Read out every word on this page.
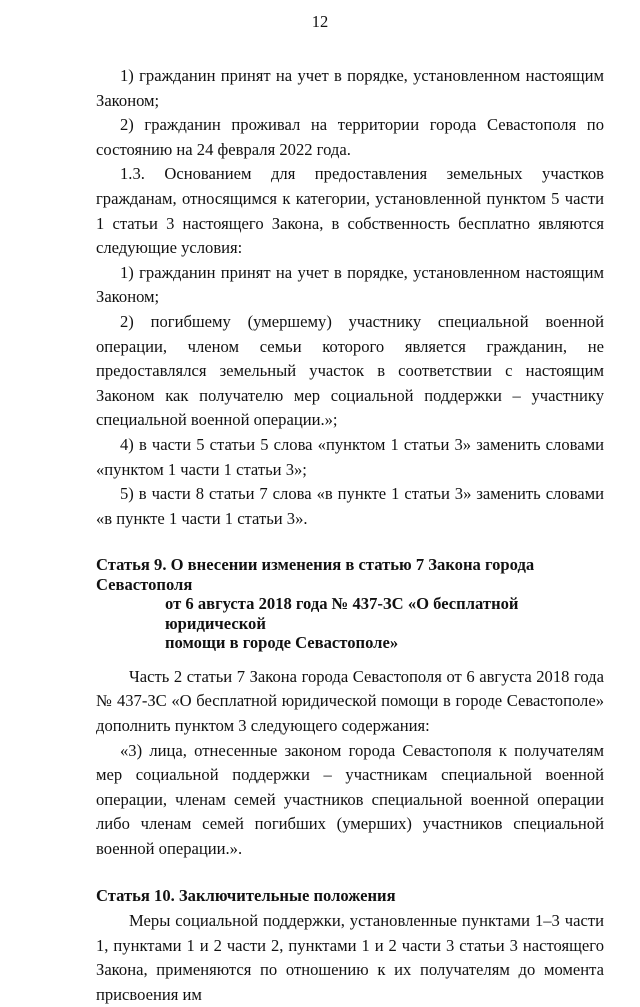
12

1) гражданин принят на учет в порядке, установленном настоящим Законом;

2) гражданин проживал на территории города Севастополя по состоянию на 24 февраля 2022 года.

1.3. Основанием для предоставления земельных участков гражданам, относящимся к категории, установленной пунктом 5 части 1 статьи 3 настоящего Закона, в собственность бесплатно являются следующие условия:

1) гражданин принят на учет в порядке, установленном настоящим Законом;

2) погибшему (умершему) участнику специальной военной операции, членом семьи которого является гражданин, не предоставлялся земельный участок в соответствии с настоящим Законом как получателю мер социальной поддержки – участнику специальной военной операции.»;

4) в части 5 статьи 5 слова «пунктом 1 статьи 3» заменить словами «пунктом 1 части 1 статьи 3»;

5) в части 8 статьи 7 слова «в пункте 1 статьи 3» заменить словами «в пункте 1 части 1 статьи 3».

Статья 9. О внесении изменения в статью 7 Закона города Севастополя
от 6 августа 2018 года № 437-ЗС «О бесплатной юридической
помощи в городе Севастополе»

Часть 2 статьи 7 Закона города Севастополя от 6 августа 2018 года № 437-ЗС «О бесплатной юридической помощи в городе Севастополе» дополнить пунктом 3 следующего содержания:

«3) лица, отнесенные законом города Севастополя к получателям мер социальной поддержки – участникам специальной военной операции, членам семей участников специальной военной операции либо членам семей погибших (умерших) участников специальной военной операции.».

Статья 10. Заключительные положения

Меры социальной поддержки, установленные пунктами 1–3 части 1, пунктами 1 и 2 части 2, пунктами 1 и 2 части 3 статьи 3 настоящего Закона, применяются по отношению к их получателям до момента присвоения им
